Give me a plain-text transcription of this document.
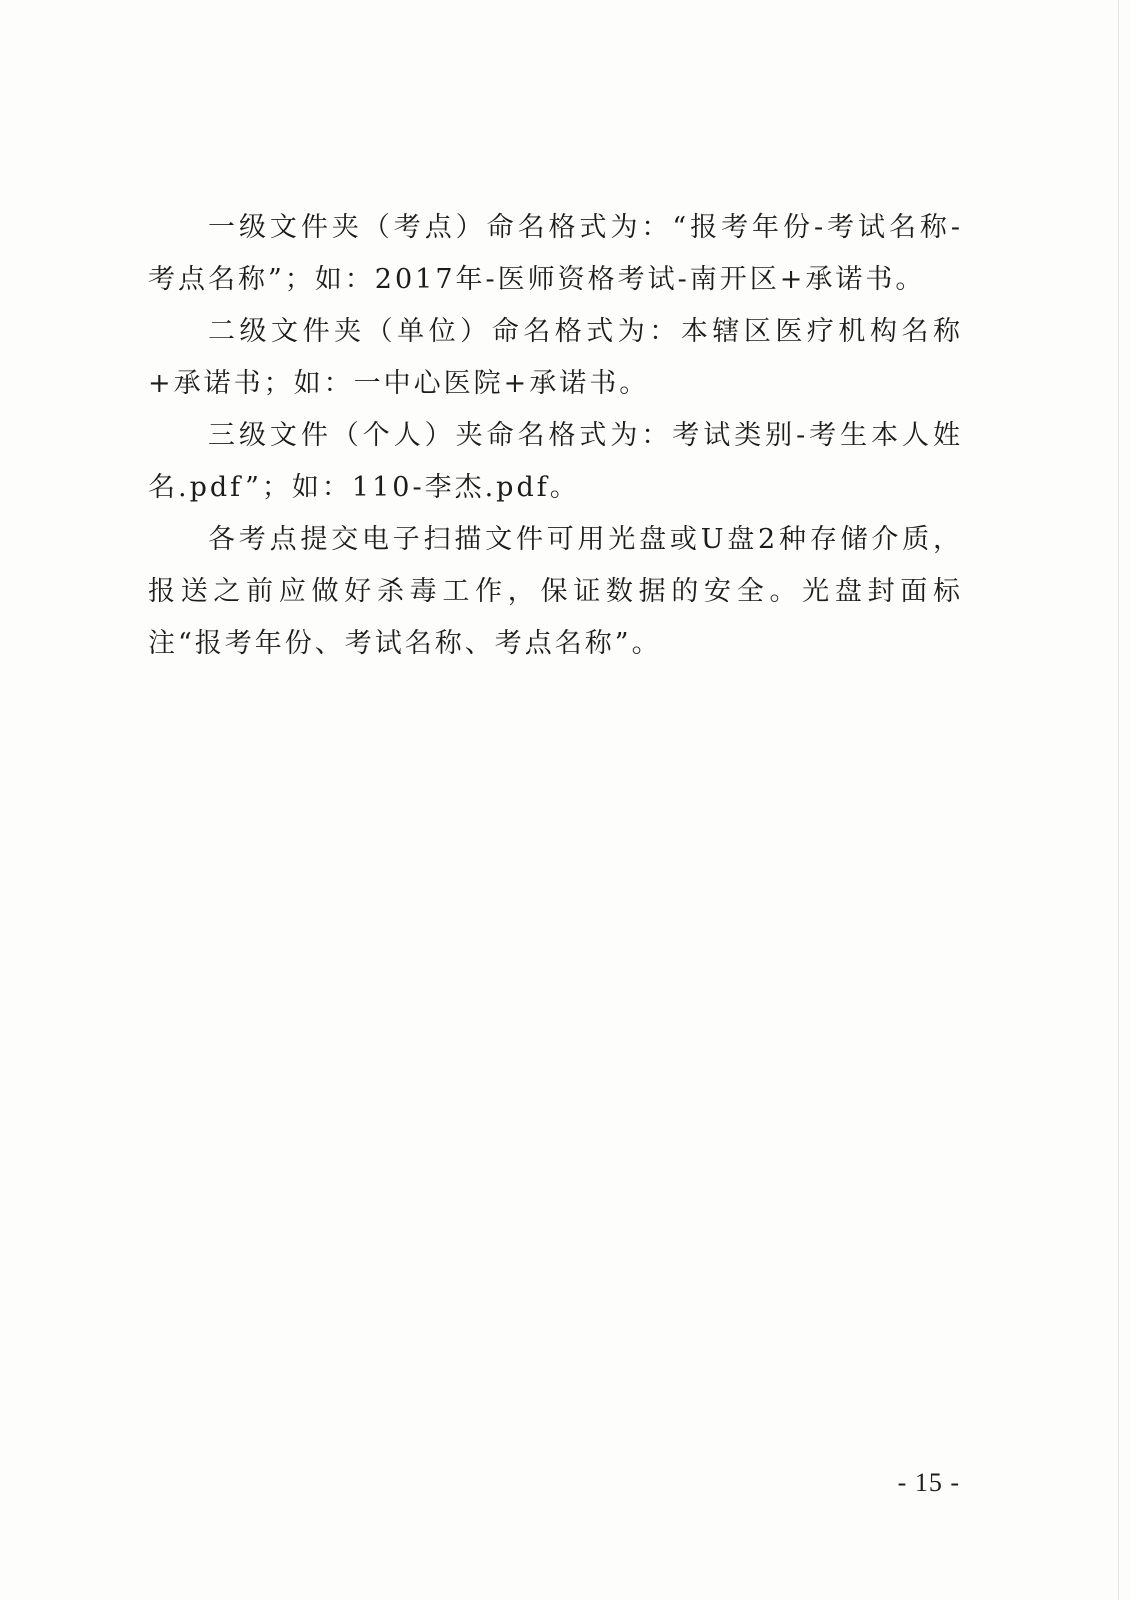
一级文件夹（考点）命名格式为：“报考年份-考试名称-考点名称”；如：2017年-医师资格考试-南开区+承诺书。

二级文件夹（单位）命名格式为：本辖区医疗机构名称+承诺书；如：一中心医院+承诺书。

三级文件（个人）夹命名格式为：考试类别-考生本人姓名.pdf”；如：110-李杰.pdf。

各考点提交电子扫描文件可用光盘或U盘2种存储介质，报送之前应做好杀毒工作，保证数据的安全。光盘封面标注“报考年份、考试名称、考点名称”。

- 15 -
